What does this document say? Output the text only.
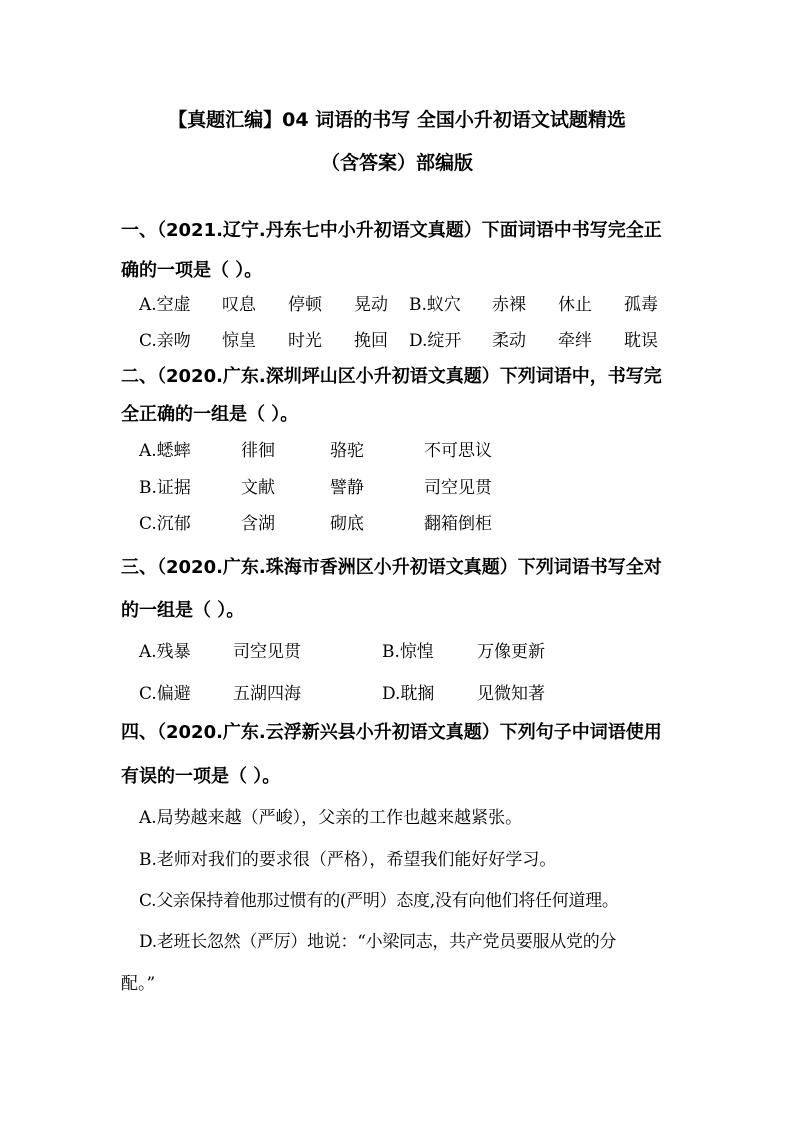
【真题汇编】04 词语的书写 全国小升初语文试题精选
（含答案）部编版
一、（2021.辽宁.丹东七中小升初语文真题）下面词语中书写完全正
确的一项是（ ）。
A.空虚 叹息 停顿 晃动 B.蚁穴 赤裸 休止 孤毒
C.亲吻 惊皇 时光 挽回 D.绽开 柔动 牵绊 耽误
二、（2020.广东.深圳坪山区小升初语文真题）下列词语中，书写完
全正确的一组是（ ）。
A.蟋蟀	徘徊	骆驼	不可思议
B.证据	文献	譬静	司空见贯
C.沉郁	含湖	砌底	翻箱倒柜
三、（2020.广东.珠海市香洲区小升初语文真题）下列词语书写全对
的一组是（ ）。
A.残暴 司空见贯	B.惊惶	万像更新
C.偏避 五湖四海	D.耽搁	见微知著
四、（2020.广东.云浮新兴县小升初语文真题）下列句子中词语使用
有误的一项是（ ）。
A.局势越来越（严峻），父亲的工作也越来越紧张。
B.老师对我们的要求很（严格），希望我们能好好学习。
C.父亲保持着他那过惯有的(严明）态度,没有向他们将任何道理。
D.老班长忽然（严厉）地说：“小梁同志，共产党员要服从党的分
配。”
